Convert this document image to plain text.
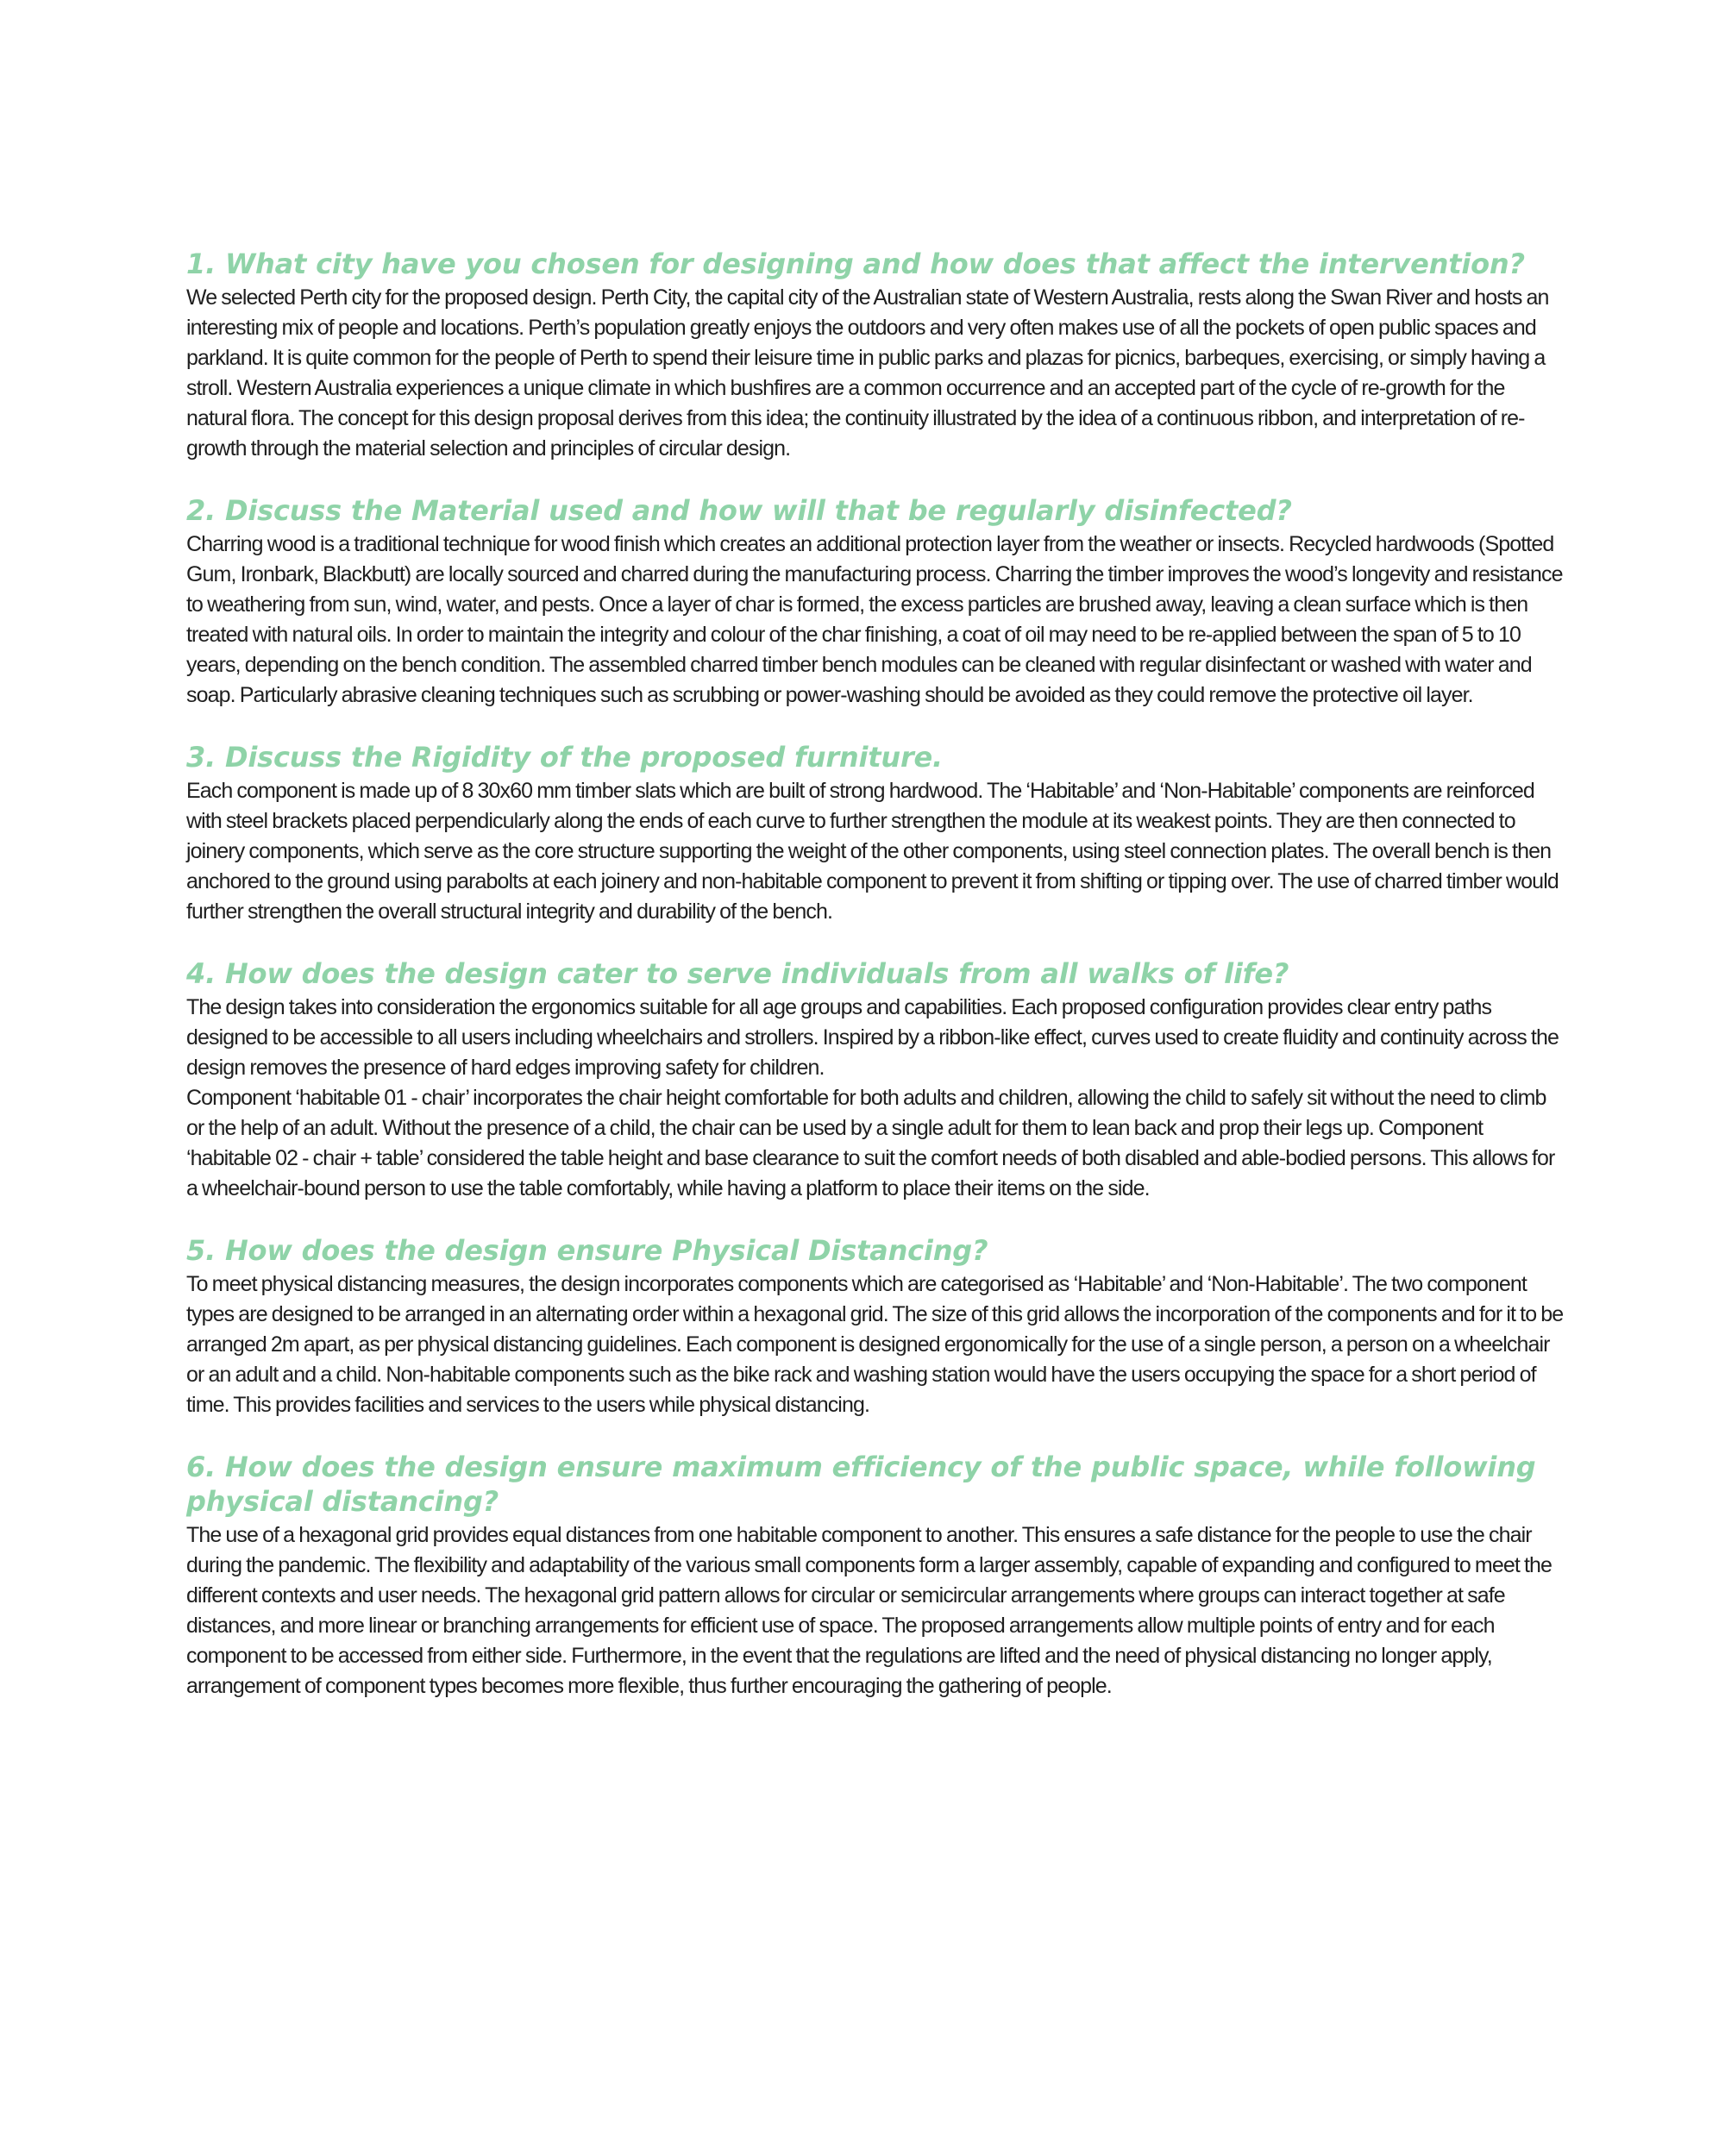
1. What city have you chosen for designing and how does that affect the intervention?

We selected Perth city for the proposed design. Perth City, the capital city of the Australian state of Western Australia, rests along the Swan River and hosts an interesting mix of people and locations. Perth’s population greatly enjoys the outdoors and very often makes use of all the pockets of open public spaces and parkland. It is quite common for the people of Perth to spend their leisure time in public parks and plazas for picnics, barbeques, exercising, or simply having a stroll. Western Australia experiences a unique climate in which bushfires are a common occurrence and an accepted part of the cycle of re-growth for the natural flora. The concept for this design proposal derives from this idea; the continuity illustrated by the idea of a continuous ribbon, and interpretation of re-growth through the material selection and principles of circular design.

2. Discuss the Material used and how will that be regularly disinfected?

Charring wood is a traditional technique for wood finish which creates an additional protection layer from the weather or insects. Recycled hardwoods (Spotted Gum, Ironbark, Blackbutt) are locally sourced and charred during the manufacturing process. Charring the timber improves the wood’s longevity and resistance to weathering from sun, wind, water, and pests. Once a layer of char is formed, the excess particles are brushed away, leaving a clean surface which is then treated with natural oils. In order to maintain the integrity and colour of the char finishing, a coat of oil may need to be re-applied between the span of 5 to 10 years, depending on the bench condition. The assembled charred timber bench modules can be cleaned with regular disinfectant or washed with water and soap. Particularly abrasive cleaning techniques such as scrubbing or power-washing should be avoided as they could remove the protective oil layer.

3. Discuss the Rigidity of the proposed furniture.

Each component is made up of 8 30x60 mm timber slats which are built of strong hardwood. The ‘Habitable’ and ‘Non-Habitable’ components are reinforced with steel brackets placed perpendicularly along the ends of each curve to further strengthen the module at its weakest points. They are then connected to joinery components, which serve as the core structure supporting the weight of the other components, using steel connection plates. The overall bench is then anchored to the ground using parabolts at each joinery and non-habitable component to prevent it from shifting or tipping over. The use of charred timber would further strengthen the overall structural integrity and durability of the bench.

4. How does the design cater to serve individuals from all walks of life?

The design takes into consideration the ergonomics suitable for all age groups and capabilities. Each proposed configuration provides clear entry paths designed to be accessible to all users including wheelchairs and strollers. Inspired by a ribbon-like effect, curves used to create fluidity and continuity across the design removes the presence of hard edges improving safety for children.

Component ‘habitable 01 - chair’ incorporates the chair height comfortable for both adults and children, allowing the child to safely sit without the need to climb or the help of an adult. Without the presence of a child, the chair can be used by a single adult for them to lean back and prop their legs up. Component ‘habitable 02 - chair + table’ considered the table height and base clearance to suit the comfort needs of both disabled and able-bodied persons. This allows for a wheelchair-bound person to use the table comfortably, while having a platform to place their items on the side.

5. How does the design ensure Physical Distancing?

To meet physical distancing measures, the design incorporates components which are categorised as ‘Habitable’ and ‘Non-Habitable’. The two component types are designed to be arranged in an alternating order within a hexagonal grid. The size of this grid allows the incorporation of the components and for it to be arranged 2m apart, as per physical distancing guidelines. Each component is designed ergonomically for the use of a single person, a person on a wheelchair or an adult and a child. Non-habitable components such as the bike rack and washing station would have the users occupying the space for a short period of time. This provides facilities and services to the users while physical distancing.

6. How does the design ensure maximum efficiency of the public space, while following physical distancing?

The use of a hexagonal grid provides equal distances from one habitable component to another. This ensures a safe distance for the people to use the chair during the pandemic. The flexibility and adaptability of the various small components form a larger assembly, capable of expanding and configured to meet the different contexts and user needs. The hexagonal grid pattern allows for circular or semicircular arrangements where groups can interact together at safe distances, and more linear or branching arrangements for efficient use of space. The proposed arrangements allow multiple points of entry and for each component to be accessed from either side. Furthermore, in the event that the regulations are lifted and the need of physical distancing no longer apply, arrangement of component types becomes more flexible, thus further encouraging the gathering of people.
